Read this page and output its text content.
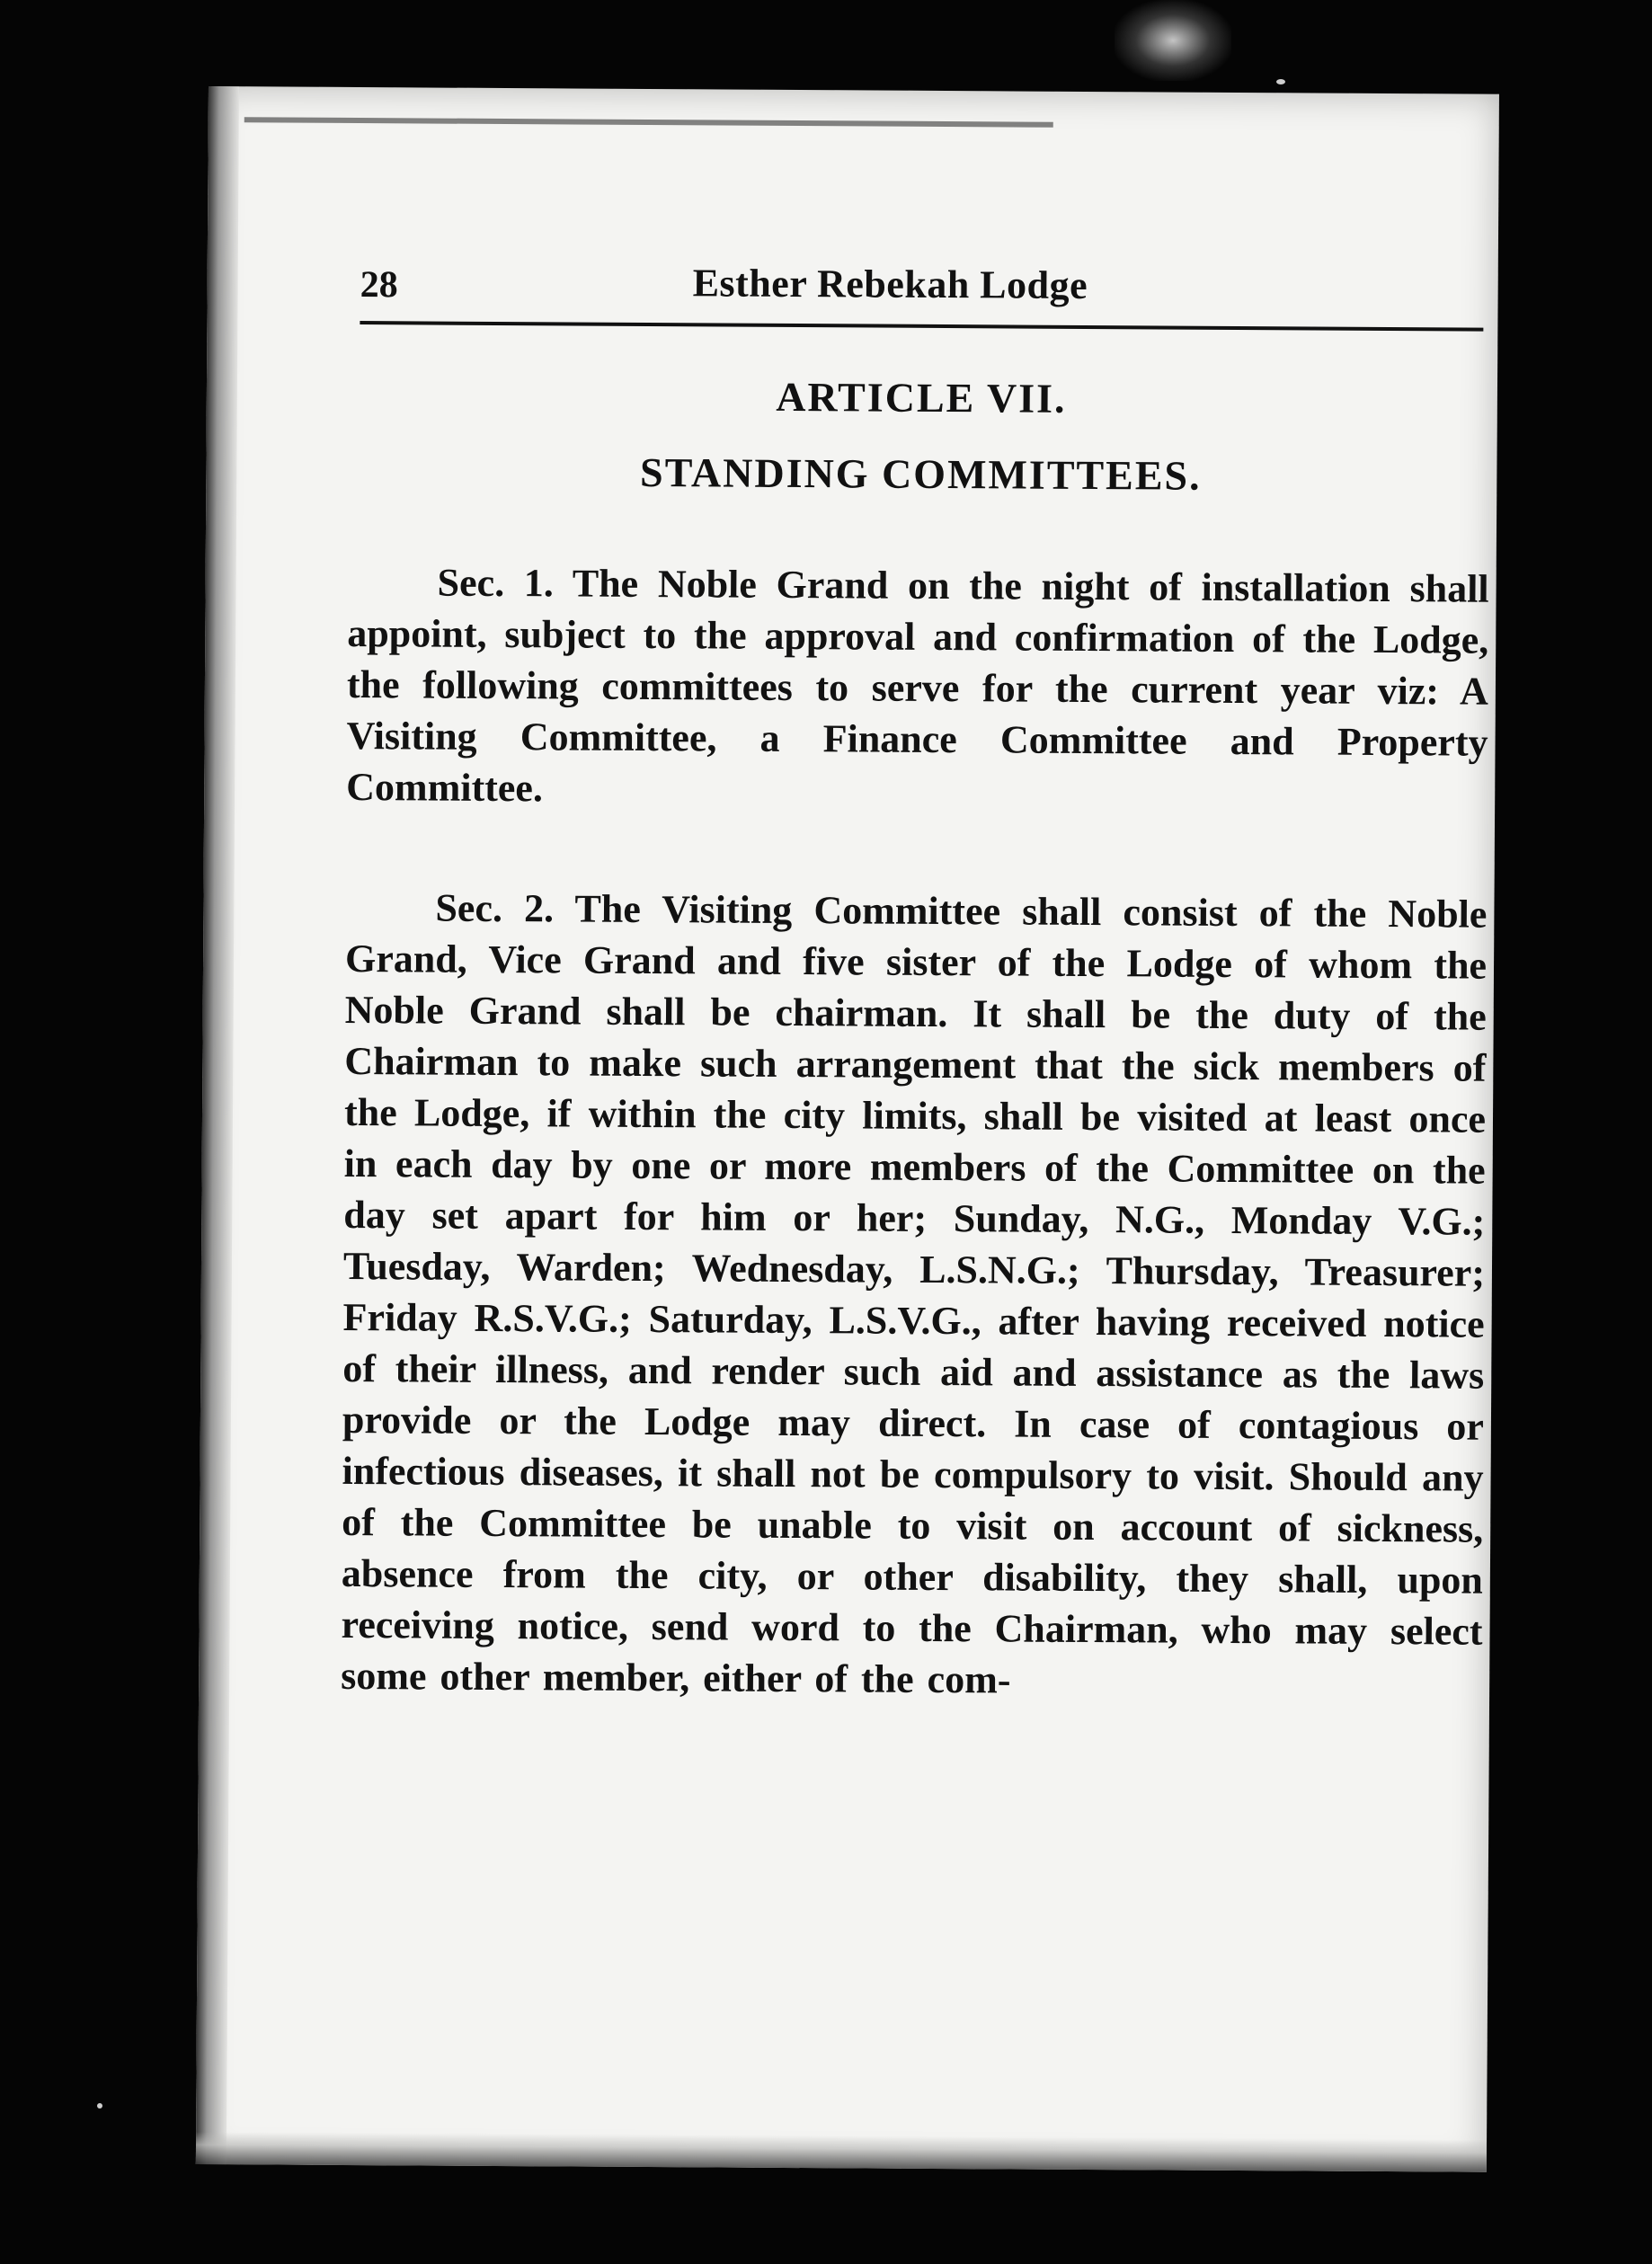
28	Esther Rebekah Lodge
ARTICLE VII.
STANDING COMMITTEES.

Sec. 1. The Noble Grand on the night of installation shall appoint, subject to the approval and confirmation of the Lodge, the following committees to serve for the current year viz: A Visiting Committee, a Finance Committee and Property Committee.

Sec. 2. The Visiting Committee shall consist of the Noble Grand, Vice Grand and five sister of the Lodge of whom the Noble Grand shall be chairman. It shall be the duty of the Chairman to make such arrangement that the sick members of the Lodge, if within the city limits, shall be visited at least once in each day by one or more members of the Committee on the day set apart for him or her; Sunday, N.G., Monday V.G.; Tuesday, Warden; Wednesday, L.S.N.G.; Thursday, Treasurer; Friday R.S.V.G.; Saturday, L.S.V.G., after having received notice of their illness, and render such aid and assistance as the laws provide or the Lodge may direct. In case of contagious or infectious diseases, it shall not be compulsory to visit. Should any of the Committee be unable to visit on account of sickness, absence from the city, or other disability, they shall, upon receiving notice, send word to the Chairman, who may select some other member, either of the com-
